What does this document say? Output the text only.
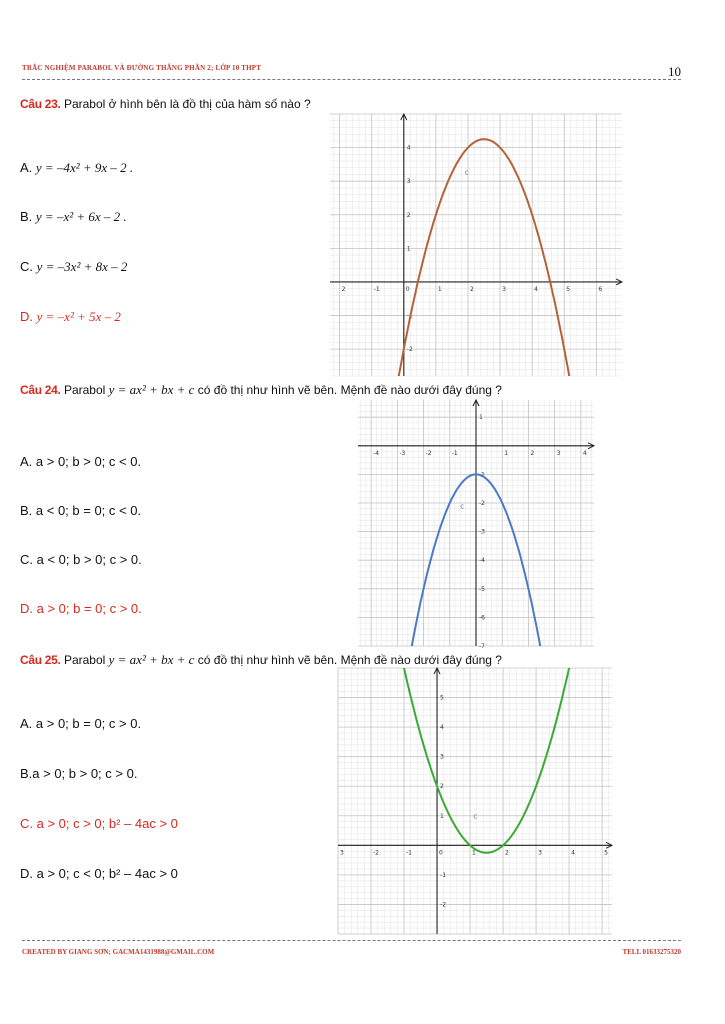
TRẮC NGHIỆM PARABOL VÀ ĐƯỜNG THẲNG PHẦN 2; LỚP 10 THPT	10
Câu 23. Parabol ở hình bên là đồ thị của hàm số nào ?
A. y = –4x² + 9x – 2 .
B. y = –x² + 6x – 2 .
C. y = –3x² + 8x – 2
D. y = –x² + 5x – 2
2	-1	0	1	2	3	4	5	6
-2
-1
1
2
3
4
c
Câu 24. Parabol y = ax² + bx + c có đồ thị như hình vẽ bên. Mệnh đề nào dưới đây đúng ?
A. a > 0; b > 0; c < 0.
B. a < 0; b = 0; c < 0.
C. a < 0; b > 0; c > 0.
D. a > 0; b = 0; c > 0.
-4	-3	-2	-1	1	2	3	4
1
-1
-2
-3
-4
-5
-6
-7
c
Câu 25. Parabol y = ax² + bx + c có đồ thị như hình vẽ bên. Mệnh đề nào dưới đây đúng ?
A. a > 0; b = 0; c > 0.
B.a > 0; b > 0; c > 0.
C. a > 0; c > 0; b² – 4ac > 0
D. a > 0; c < 0; b² – 4ac > 0
3	-2	-1	0	1	2	3	4	5
5
4
3
2
1
-1
-2
c
CREATED BY GIANG SƠN; GACMA1431988@GMAIL.COM	TELL 01633275320
